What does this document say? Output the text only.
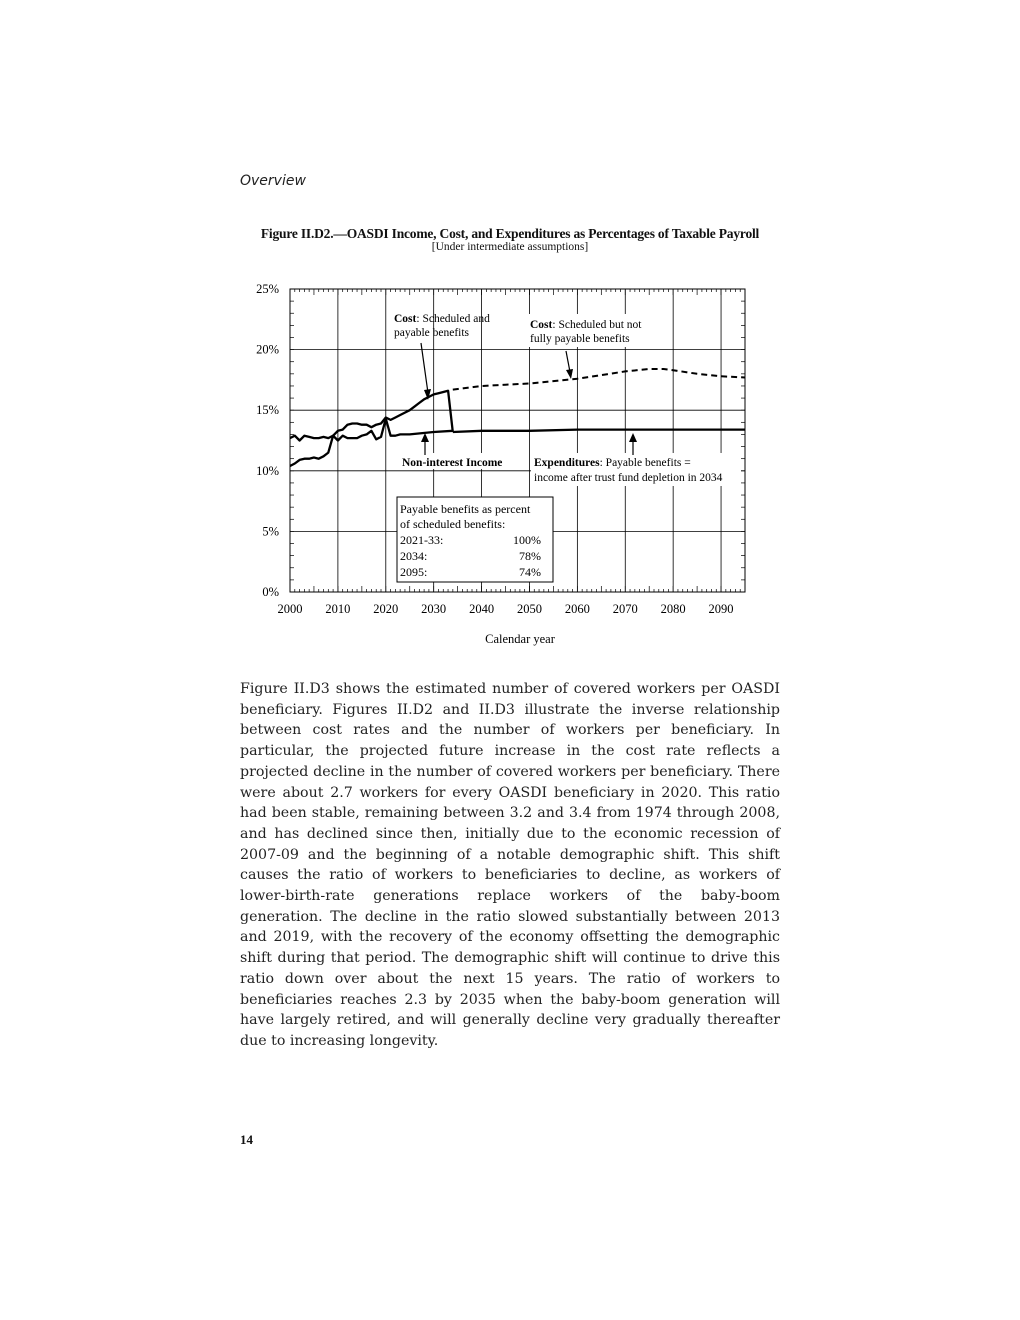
Overview
Figure II.D2.—OASDI Income, Cost, and Expenditures as Percentages of Taxable Payroll
[Under intermediate assumptions]
2000 2010 2020 2030 2040 2050 2060 2070 2080 2090
0%
5%
10%
15%
20%
25%
Cost: Scheduled and
payable benefits
Cost: Scheduled but not
fully payable benefits
Non-interest Income	Expenditures: Payable benefits =
income after trust fund depletion in 2034
Payable benefits as percent
of scheduled benefits:
2021-33:	100%
2034:	78%
2095:	74%
Calendar year

Figure II.D3 shows the estimated number of covered workers per OASDI beneficiary. Figures II.D2 and II.D3 illustrate the inverse relationship between cost rates and the number of workers per beneficiary. In particular, the projected future increase in the cost rate reflects a projected decline in the number of covered workers per beneficiary. There were about 2.7 workers for every OASDI beneficiary in 2020. This ratio had been stable, remaining between 3.2 and 3.4 from 1974 through 2008, and has declined since then, initially due to the economic recession of 2007-09 and the beginning of a notable demographic shift. This shift causes the ratio of workers to beneficiaries to decline, as workers of lower-birth-rate generations replace workers of the baby-boom generation. The decline in the ratio slowed substantially between 2013 and 2019, with the recovery of the economy offsetting the demographic shift during that period. The demographic shift will continue to drive this ratio down over about the next 15 years. The ratio of workers to beneficiaries reaches 2.3 by 2035 when the baby-boom generation will have largely retired, and will generally decline very gradually thereafter due to increasing longevity.

14
